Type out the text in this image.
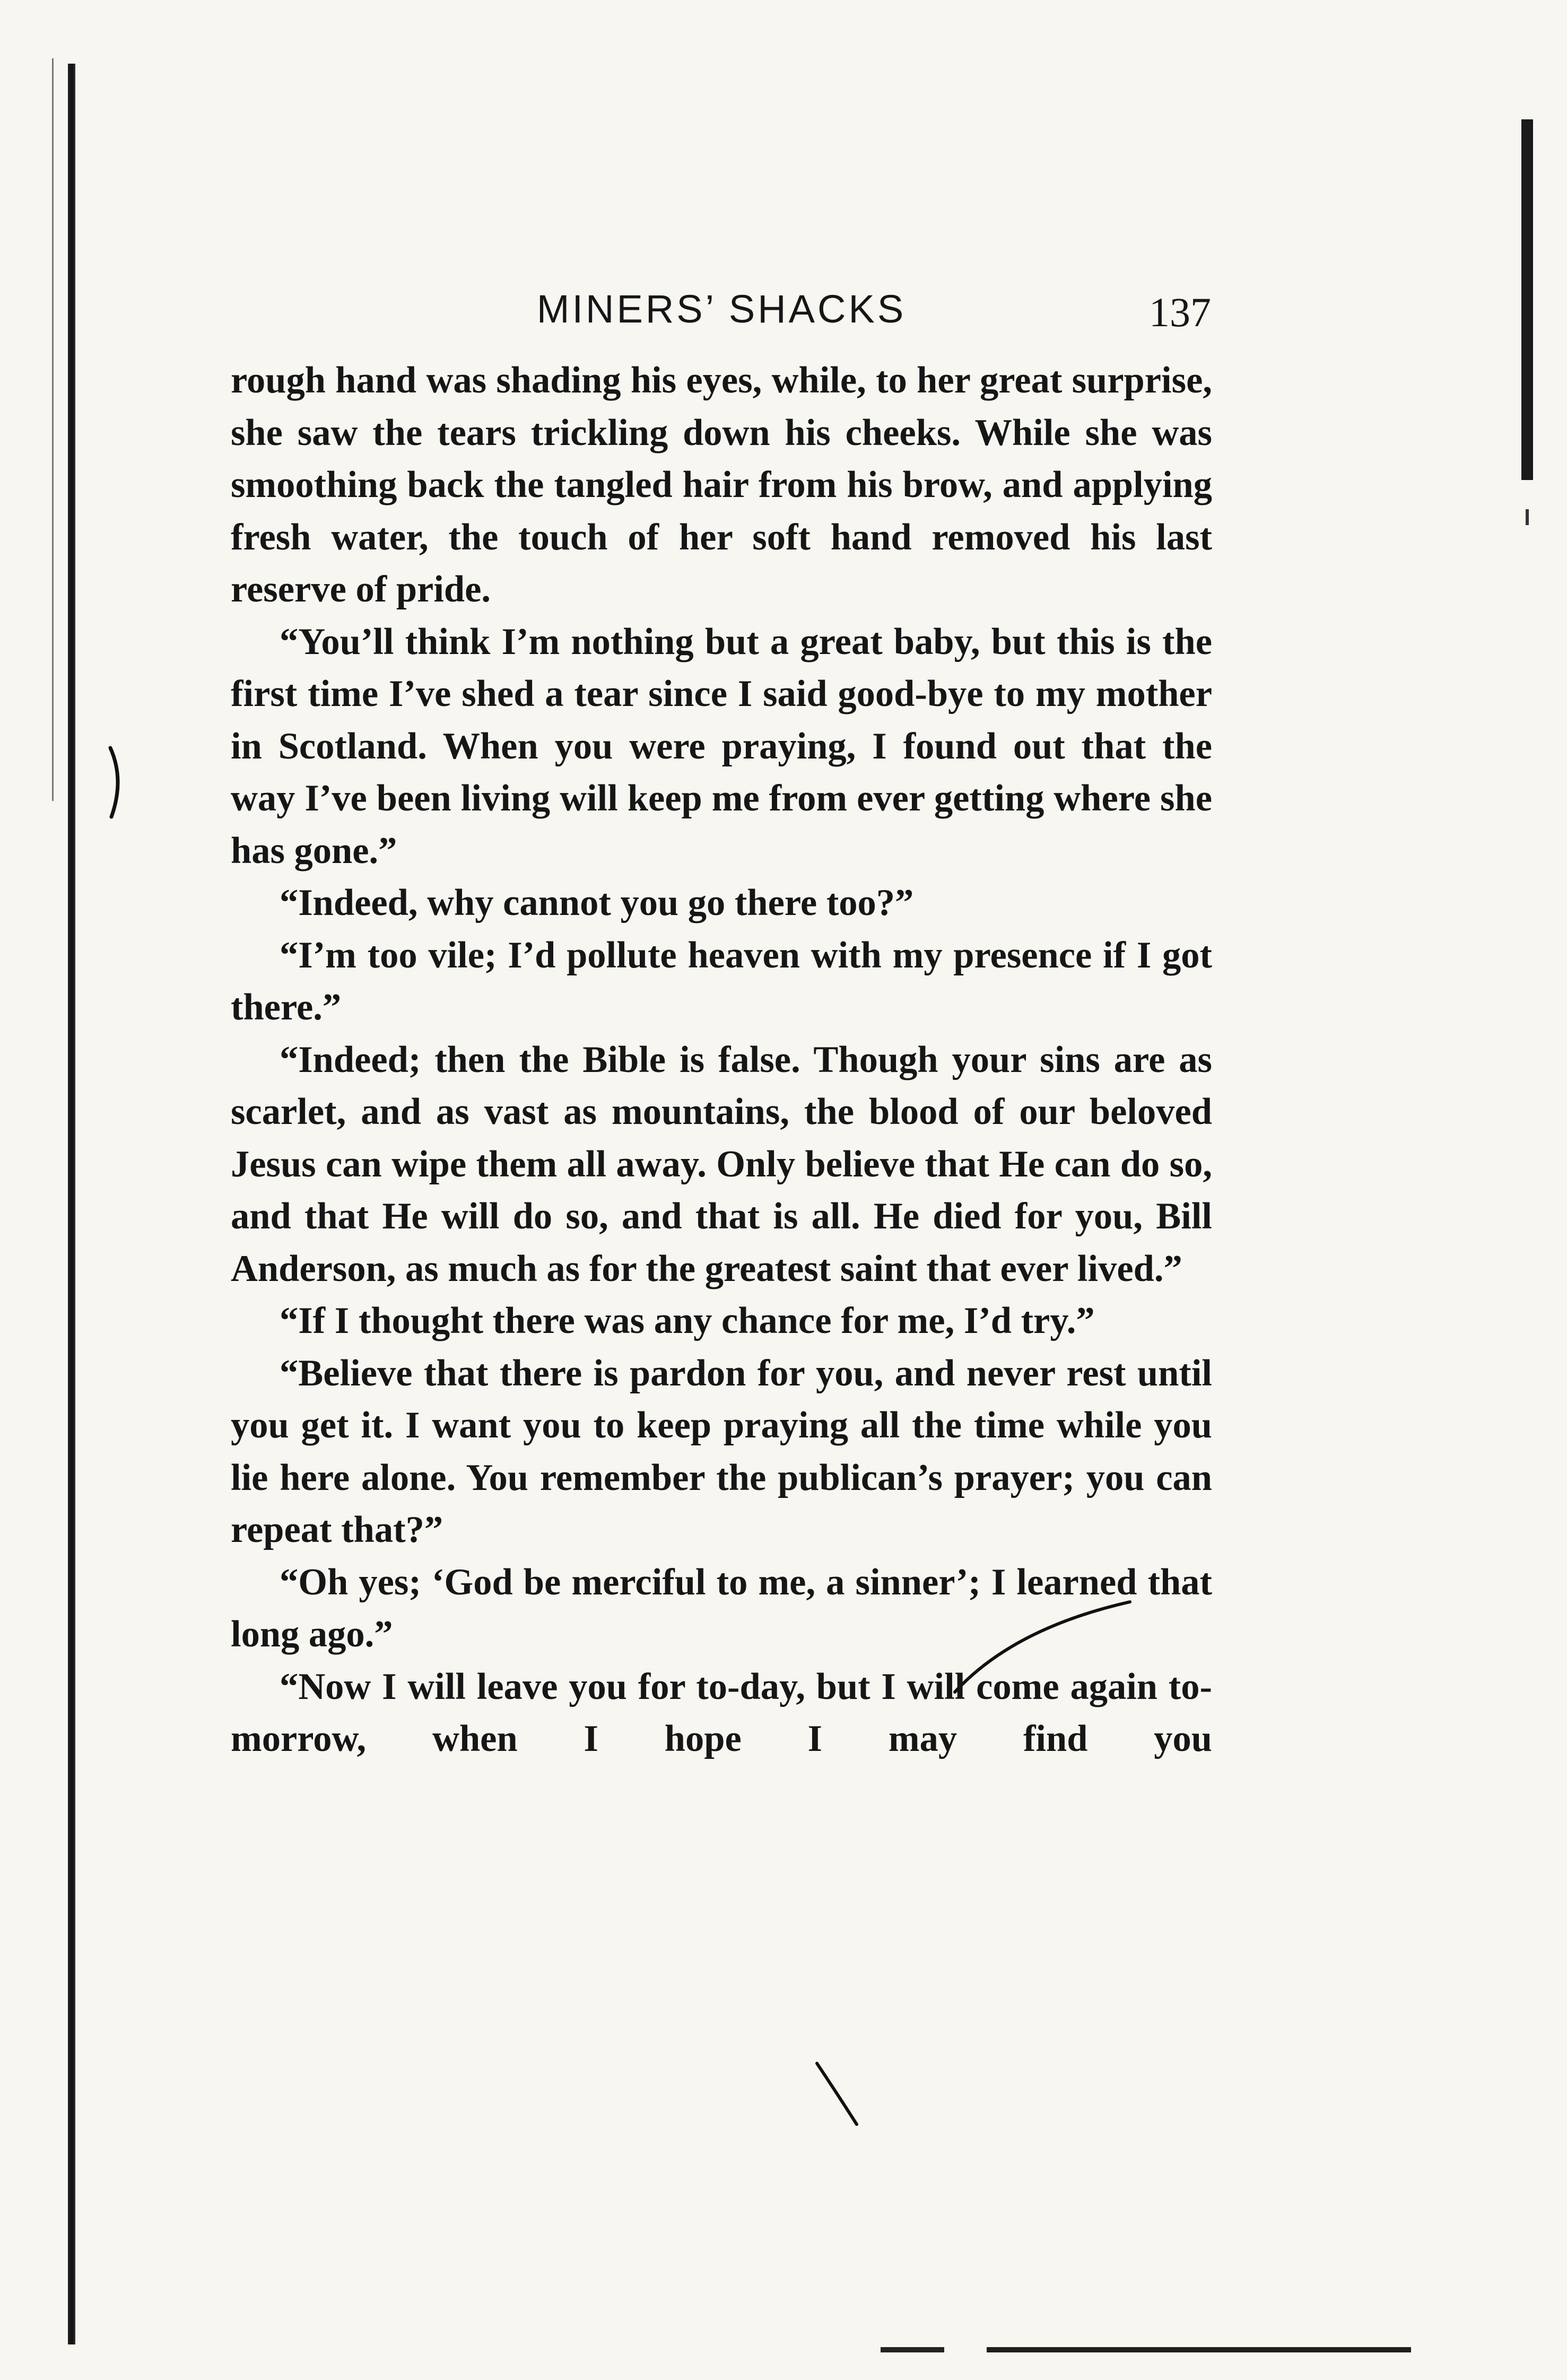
MINERS’ SHACKS	137

rough hand was shading his eyes, while, to her great surprise, she saw the tears trickling down his cheeks. While she was smoothing back the tangled hair from his brow, and applying fresh water, the touch of her soft hand removed his last reserve of pride.

“You’ll think I’m nothing but a great baby, but this is the first time I’ve shed a tear since I said good-bye to my mother in Scotland. When you were praying, I found out that the way I’ve been living will keep me from ever getting where she has gone.”

“Indeed, why cannot you go there too?”

“I’m too vile; I’d pollute heaven with my presence if I got there.”

“Indeed; then the Bible is false. Though your sins are as scarlet, and as vast as mountains, the blood of our beloved Jesus can wipe them all away. Only believe that He can do so, and that He will do so, and that is all. He died for you, Bill Anderson, as much as for the greatest saint that ever lived.”

“If I thought there was any chance for me, I’d try.”

“Believe that there is pardon for you, and never rest until you get it. I want you to keep praying all the time while you lie here alone. You remember the publican’s prayer; you can repeat that?”

“Oh yes; ‘God be merciful to me, a sinner’; I learned that long ago.”

“Now I will leave you for to-day, but I will come again to-morrow, when I hope I may find you
